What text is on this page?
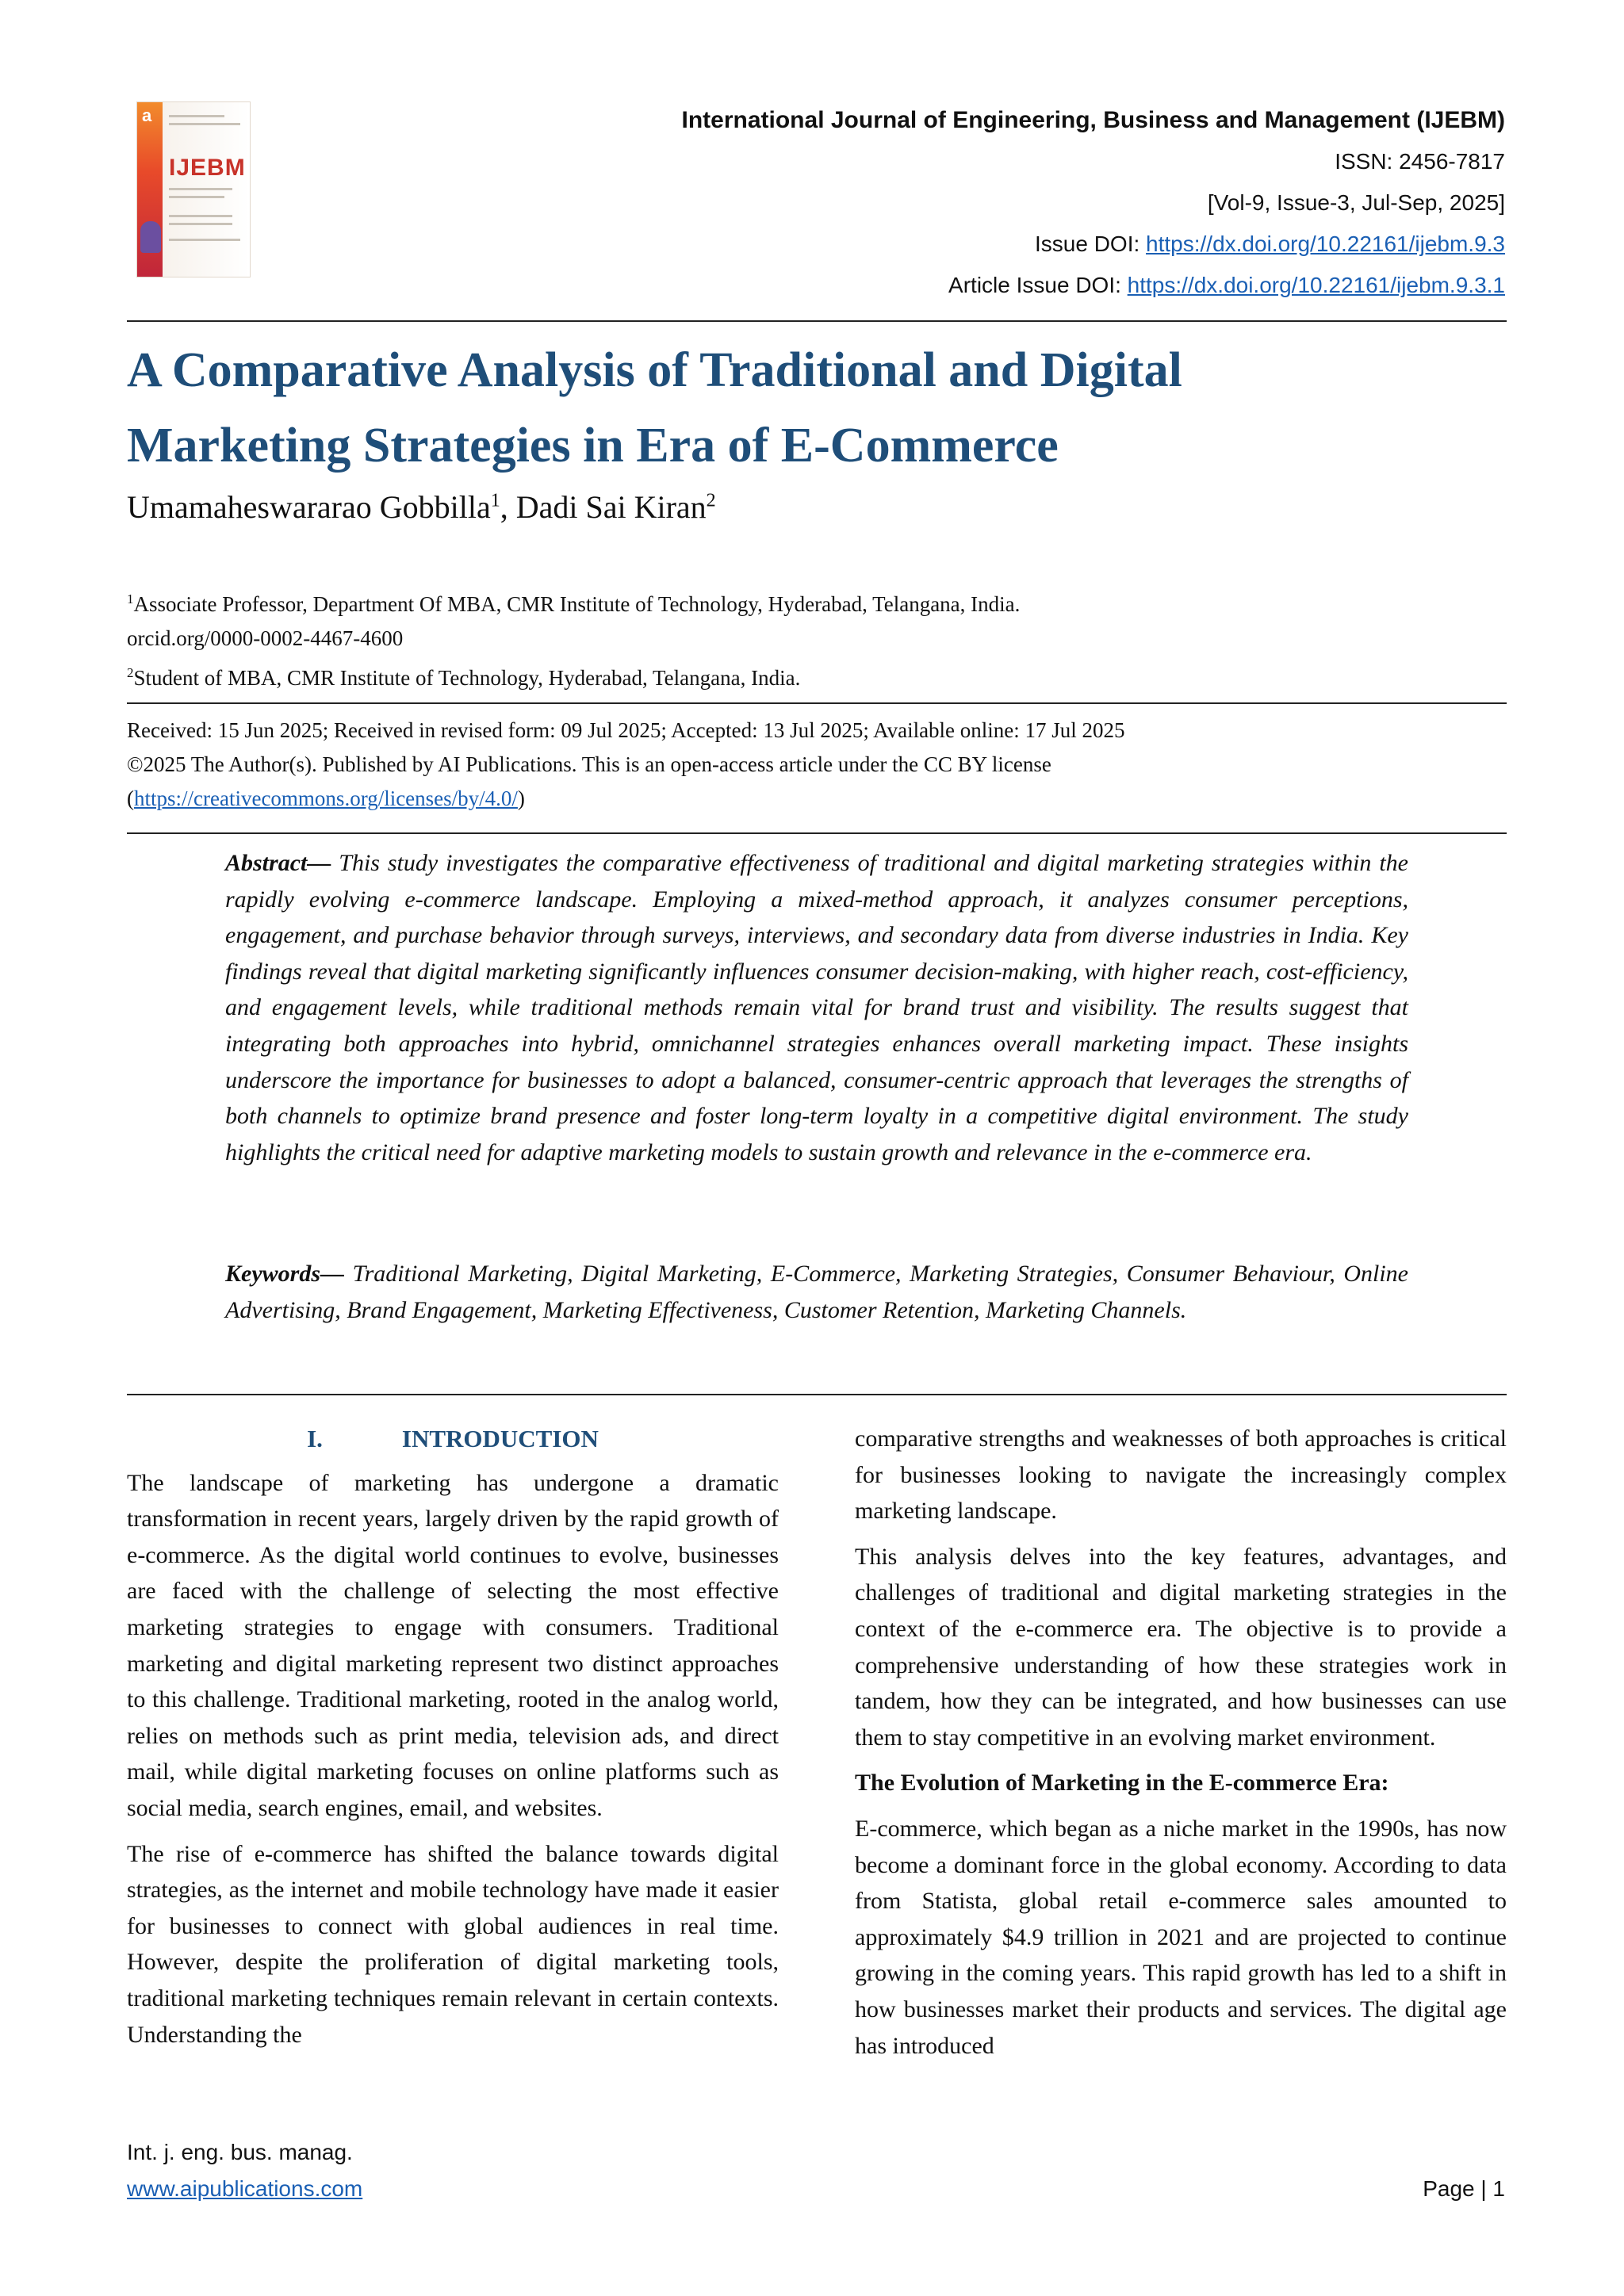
a
IJEBM
International Journal of Engineering, Business and Management (IJEBM)
ISSN: 2456-7817
[Vol-9, Issue-3, Jul-Sep, 2025]
Issue DOI: https://dx.doi.org/10.22161/ijebm.9.3
Article Issue DOI: https://dx.doi.org/10.22161/ijebm.9.3.1
A Comparative Analysis of Traditional and Digital
Marketing Strategies in Era of E-Commerce
Umamaheswararao Gobbilla$^1$, Dadi Sai Kiran$^2$
$^1$Associate Professor, Department Of MBA, CMR Institute of Technology, Hyderabad, Telangana, India.
orcid.org/0000-0002-4467-4600
$^2$Student of MBA, CMR Institute of Technology, Hyderabad, Telangana, India.
Received: 15 Jun 2025; Received in revised form: 09 Jul 2025; Accepted: 13 Jul 2025; Available online: 17 Jul 2025
©2025 The Author(s). Published by AI Publications. This is an open-access article under the CC BY license
(https://creativecommons.org/licenses/by/4.0/)
Abstract— This study investigates the comparative effectiveness of traditional and digital marketing strategies within the rapidly evolving e-commerce landscape. Employing a mixed-method approach, it analyzes consumer perceptions, engagement, and purchase behavior through surveys, interviews, and secondary data from diverse industries in India. Key findings reveal that digital marketing significantly influences consumer decision-making, with higher reach, cost-efficiency, and engagement levels, while traditional methods remain vital for brand trust and visibility. The results suggest that integrating both approaches into hybrid, omnichannel strategies enhances overall marketing impact. These insights underscore the importance for businesses to adopt a balanced, consumer-centric approach that leverages the strengths of both channels to optimize brand presence and foster long-term loyalty in a competitive digital environment. The study highlights the critical need for adaptive marketing models to sustain growth and relevance in the e-commerce era.
Keywords— Traditional Marketing, Digital Marketing, E-Commerce, Marketing Strategies, Consumer Behaviour, Online Advertising, Brand Engagement, Marketing Effectiveness, Customer Retention, Marketing Channels.
I.	INTRODUCTION

The landscape of marketing has undergone a dramatic transformation in recent years, largely driven by the rapid growth of e-commerce. As the digital world continues to evolve, businesses are faced with the challenge of selecting the most effective marketing strategies to engage with consumers. Traditional marketing and digital marketing represent two distinct approaches to this challenge. Traditional marketing, rooted in the analog world, relies on methods such as print media, television ads, and direct mail, while digital marketing focuses on online platforms such as social media, search engines, email, and websites.

The rise of e-commerce has shifted the balance towards digital strategies, as the internet and mobile technology have made it easier for businesses to connect with global audiences in real time. However, despite the proliferation of digital marketing tools, traditional marketing techniques remain relevant in certain contexts. Understanding the

comparative strengths and weaknesses of both approaches is critical for businesses looking to navigate the increasingly complex marketing landscape.

This analysis delves into the key features, advantages, and challenges of traditional and digital marketing strategies in the context of the e-commerce era. The objective is to provide a comprehensive understanding of how these strategies work in tandem, how they can be integrated, and how businesses can use them to stay competitive in an evolving market environment.

The Evolution of Marketing in the E-commerce Era:

E-commerce, which began as a niche market in the 1990s, has now become a dominant force in the global economy. According to data from Statista, global retail e-commerce sales amounted to approximately $4.9 trillion in 2021 and are projected to continue growing in the coming years. This rapid growth has led to a shift in how businesses market their products and services. The digital age has introduced

Int. j. eng. bus. manag.
www.aipublications.com	Page | 1
